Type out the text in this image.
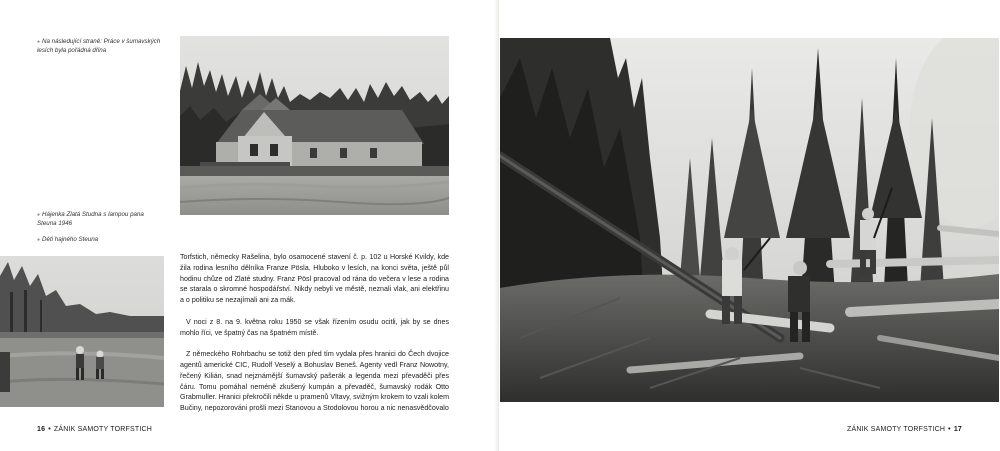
● Na následující straně: Práce v šumavských lesích byla pořádná dřina

● Hájenka Zlatá Studna s lampou pana Steuna 1946

● Děti hajného Steuna

Torfstich, německy Rašelina, bylo osamocené stavení č. p. 102 u Horské Kvildy, kde žila rodina lesního dělníka Franze Pösla. Hluboko v lesích, na konci světa, ještě půl hodinu chůze od Zlaté studny. Franz Pösl pracoval od rána do večera v lese a rodina se starala o skromné hospodářství. Nikdy nebyli ve městě, neznali vlak, ani elektřinu a o politiku se nezajímali ani za mák.

V noci z 8. na 9. května roku 1950 se však řízením osudu ocitli, jak by se dnes mohlo říci, ve špatný čas na špatném místě.

Z německého Rohrbachu se totiž den před tím vydala přes hranici do Čech dvojice agentů americké CIC, Rudolf Veselý a Bohuslav Beneš. Agenty vedl Franz Nowotny, řečený Kilián, snad nejznámější šumavský pašerák a legenda mezi převaděči přes čáru. Tomu pomáhal neméně zkušený kumpán a převaděč, šumavský rodák Otto Grabmuller. Hranici překročili někde u pramenů Vltavy, svižným krokem to vzali kolem Bučiny, nepozorováni prošli mezi Stanovou a Stodolovou horou a nic nenasvědčovalo

16 • ZÁNIK SAMOTY TORFSTICH	ZÁNIK SAMOTY TORFSTICH • 17
